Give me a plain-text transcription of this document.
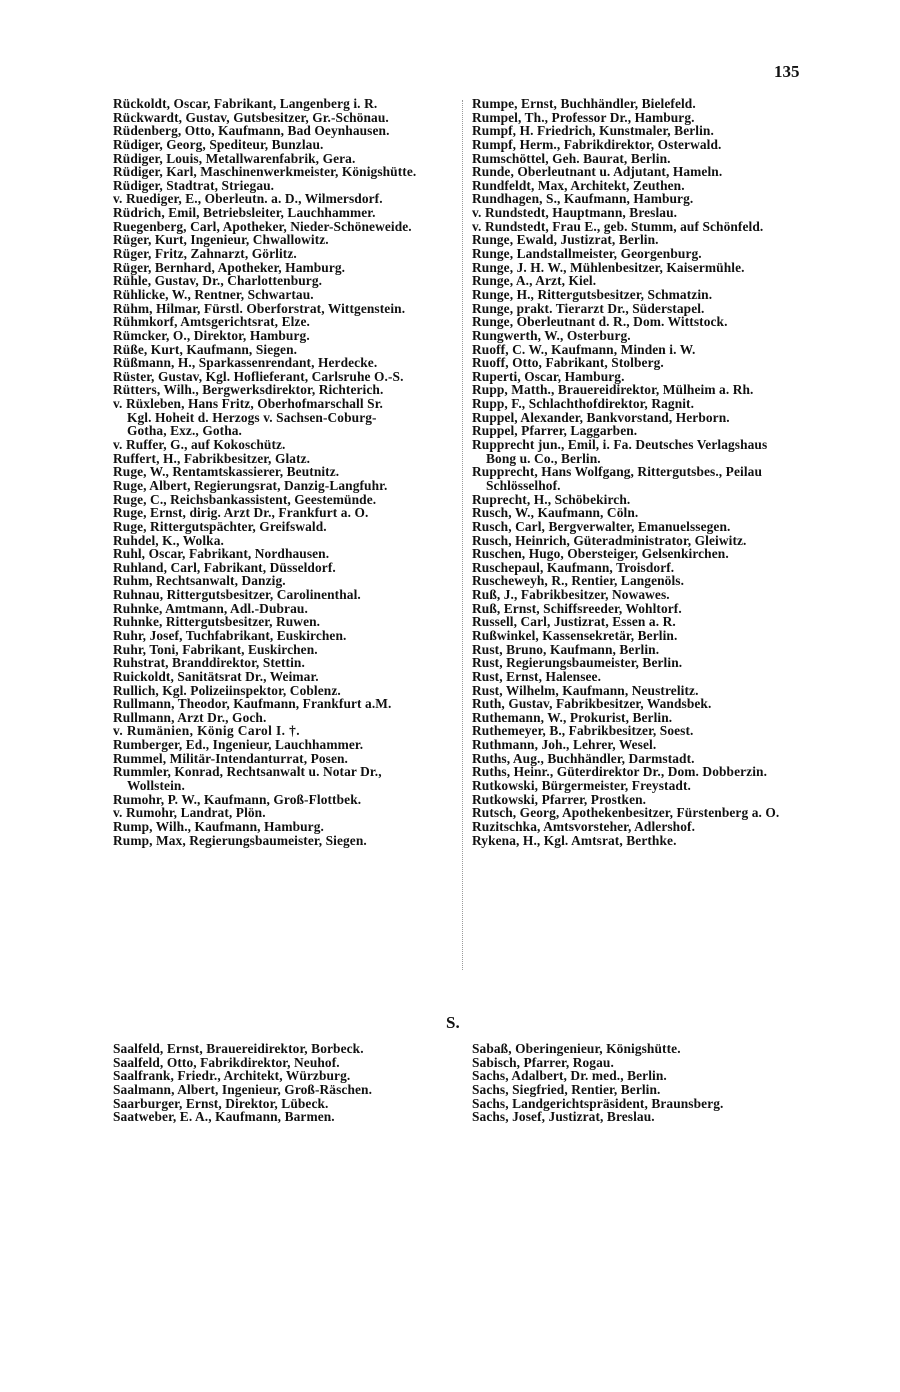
135
Rückoldt, Oscar, Fabrikant, Langenberg i. R.
Rückwardt, Gustav, Gutsbesitzer, Gr.-Schönau.
Rüdenberg, Otto, Kaufmann, Bad Oeynhausen.
Rüdiger, Georg, Spediteur, Bunzlau.
Rüdiger, Louis, Metallwarenfabrik, Gera.
Rüdiger, Karl, Maschinenwerkmeister, Königshütte.
Rüdiger, Stadtrat, Striegau.
v. Ruediger, E., Oberleutn. a. D., Wilmersdorf.
Rüdrich, Emil, Betriebsleiter, Lauchhammer.
Ruegenberg, Carl, Apotheker, Nieder-Schöneweide.
Rüger, Kurt, Ingenieur, Chwallowitz.
Rüger, Fritz, Zahnarzt, Görlitz.
Rüger, Bernhard, Apotheker, Hamburg.
Rühle, Gustav, Dr., Charlottenburg.
Rühlicke, W., Rentner, Schwartau.
Rühm, Hilmar, Fürstl. Oberforstrat, Wittgenstein.
Rühmkorf, Amtsgerichtsrat, Elze.
Rümcker, O., Direktor, Hamburg.
Rüße, Kurt, Kaufmann, Siegen.
Rüßmann, H., Sparkassenrendant, Herdecke.
Rüster, Gustav, Kgl. Hoflieferant, Carlsruhe O.-S.
Rütters, Wilh., Bergwerksdirektor, Richterich.
v. Rüxleben, Hans Fritz, Oberhofmarschall Sr.
Kgl. Hoheit d. Herzogs v. Sachsen-Coburg-
Gotha, Exz., Gotha.
v. Ruffer, G., auf Kokoschütz.
Ruffert, H., Fabrikbesitzer, Glatz.
Ruge, W., Rentamtskassierer, Beutnitz.
Ruge, Albert, Regierungsrat, Danzig-Langfuhr.
Ruge, C., Reichsbankassistent, Geestemünde.
Ruge, Ernst, dirig. Arzt Dr., Frankfurt a. O.
Ruge, Rittergutspächter, Greifswald.
Ruhdel, K., Wolka.
Ruhl, Oscar, Fabrikant, Nordhausen.
Ruhland, Carl, Fabrikant, Düsseldorf.
Ruhm, Rechtsanwalt, Danzig.
Ruhnau, Rittergutsbesitzer, Carolinenthal.
Ruhnke, Amtmann, Adl.-Dubrau.
Ruhnke, Rittergutsbesitzer, Ruwen.
Ruhr, Josef, Tuchfabrikant, Euskirchen.
Ruhr, Toni, Fabrikant, Euskirchen.
Ruhstrat, Branddirektor, Stettin.
Ruickoldt, Sanitätsrat Dr., Weimar.
Rullich, Kgl. Polizeiinspektor, Coblenz.
Rullmann, Theodor, Kaufmann, Frankfurt a.M.
Rullmann, Arzt Dr., Goch.
v. Rumänien, König Carol I. †.
Rumberger, Ed., Ingenieur, Lauchhammer.
Rummel, Militär-Intendanturrat, Posen.
Rummler, Konrad, Rechtsanwalt u. Notar Dr.,
Wollstein.
Rumohr, P. W., Kaufmann, Groß-Flottbek.
v. Rumohr, Landrat, Plön.
Rump, Wilh., Kaufmann, Hamburg.
Rump, Max, Regierungsbaumeister, Siegen.
Rumpe, Ernst, Buchhändler, Bielefeld.
Rumpel, Th., Professor Dr., Hamburg.
Rumpf, H. Friedrich, Kunstmaler, Berlin.
Rumpf, Herm., Fabrikdirektor, Osterwald.
Rumschöttel, Geh. Baurat, Berlin.
Runde, Oberleutnant u. Adjutant, Hameln.
Rundfeldt, Max, Architekt, Zeuthen.
Rundhagen, S., Kaufmann, Hamburg.
v. Rundstedt, Hauptmann, Breslau.
v. Rundstedt, Frau E., geb. Stumm, auf Schönfeld.
Runge, Ewald, Justizrat, Berlin.
Runge, Landstallmeister, Georgenburg.
Runge, J. H. W., Mühlenbesitzer, Kaisermühle.
Runge, A., Arzt, Kiel.
Runge, H., Rittergutsbesitzer, Schmatzin.
Runge, prakt. Tierarzt Dr., Süderstapel.
Runge, Oberleutnant d. R., Dom. Wittstock.
Rungwerth, W., Osterburg.
Ruoff, C. W., Kaufmann, Minden i. W.
Ruoff, Otto, Fabrikant, Stolberg.
Ruperti, Oscar, Hamburg.
Rupp, Matth., Brauereidirektor, Mülheim a. Rh.
Rupp, F., Schlachthofdirektor, Ragnit.
Ruppel, Alexander, Bankvorstand, Herborn.
Ruppel, Pfarrer, Laggarben.
Rupprecht jun., Emil, i. Fa. Deutsches Verlagshaus
Bong u. Co., Berlin.
Rupprecht, Hans Wolfgang, Rittergutsbes., Peilau
Schlösselhof.
Ruprecht, H., Schöbekirch.
Rusch, W., Kaufmann, Cöln.
Rusch, Carl, Bergverwalter, Emanuelssegen.
Rusch, Heinrich, Güteradministrator, Gleiwitz.
Ruschen, Hugo, Obersteiger, Gelsenkirchen.
Ruschepaul, Kaufmann, Troisdorf.
Ruscheweyh, R., Rentier, Langenöls.
Ruß, J., Fabrikbesitzer, Nowawes.
Ruß, Ernst, Schiffsreeder, Wohltorf.
Russell, Carl, Justizrat, Essen a. R.
Rußwinkel, Kassensekretär, Berlin.
Rust, Bruno, Kaufmann, Berlin.
Rust, Regierungsbaumeister, Berlin.
Rust, Ernst, Halensee.
Rust, Wilhelm, Kaufmann, Neustrelitz.
Ruth, Gustav, Fabrikbesitzer, Wandsbek.
Ruthemann, W., Prokurist, Berlin.
Ruthemeyer, B., Fabrikbesitzer, Soest.
Ruthmann, Joh., Lehrer, Wesel.
Ruths, Aug., Buchhändler, Darmstadt.
Ruths, Heinr., Güterdirektor Dr., Dom. Dobberzin.
Rutkowski, Bürgermeister, Freystadt.
Rutkowski, Pfarrer, Prostken.
Rutsch, Georg, Apothekenbesitzer, Fürstenberg a. O.
Ruzitschka, Amtsvorsteher, Adlershof.
Rykena, H., Kgl. Amtsrat, Berthke.
S.
Saalfeld, Ernst, Brauereidirektor, Borbeck.
Saalfeld, Otto, Fabrikdirektor, Neuhof.
Saalfrank, Friedr., Architekt, Würzburg.
Saalmann, Albert, Ingenieur, Groß-Räschen.
Saarburger, Ernst, Direktor, Lübeck.
Saatweber, E. A., Kaufmann, Barmen.
Sabaß, Oberingenieur, Königshütte.
Sabisch, Pfarrer, Rogau.
Sachs, Adalbert, Dr. med., Berlin.
Sachs, Siegfried, Rentier, Berlin.
Sachs, Landgerichtspräsident, Braunsberg.
Sachs, Josef, Justizrat, Breslau.
